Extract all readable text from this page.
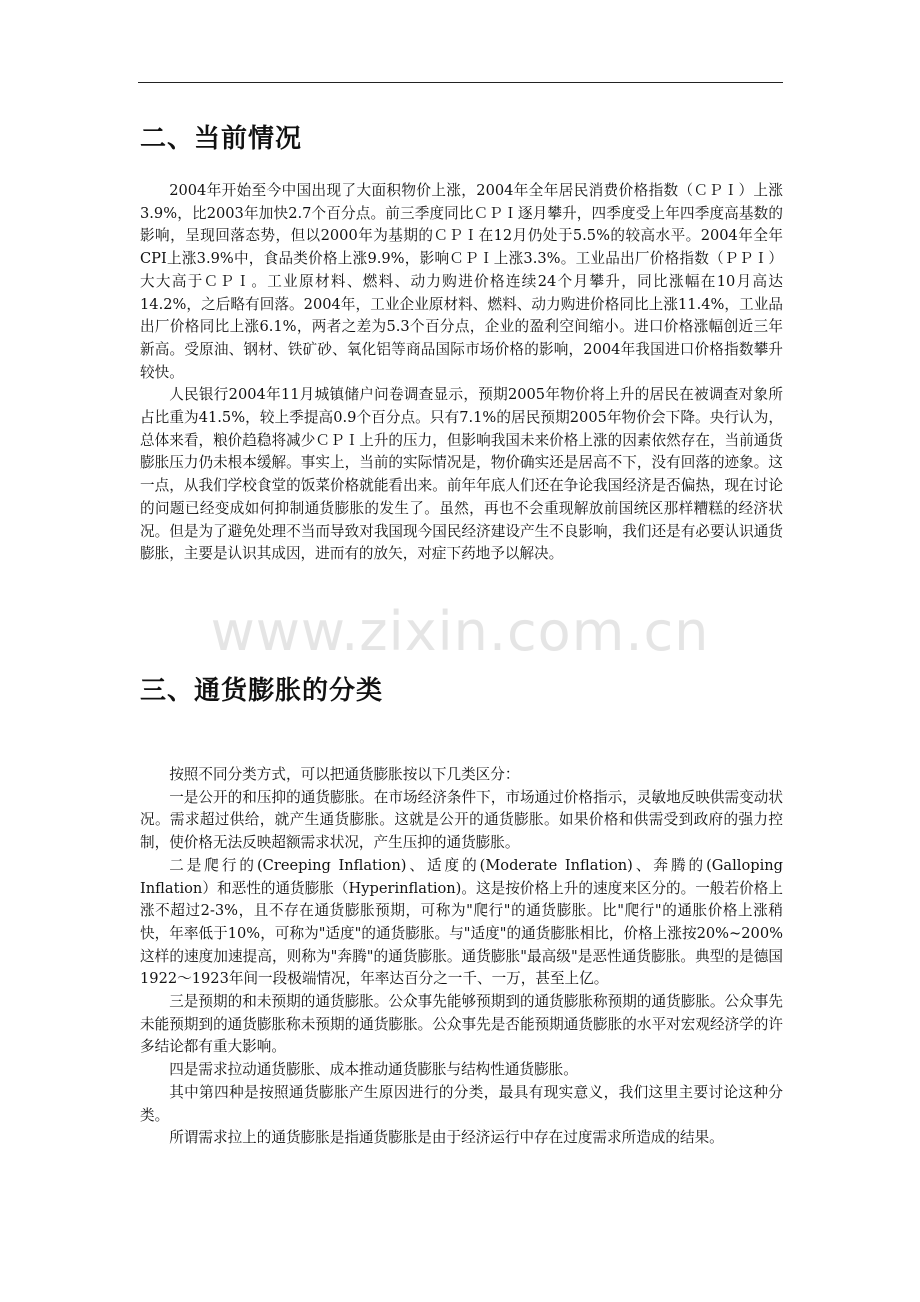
二、当前情况

2004年开始至今中国出现了大面积物价上涨，2004年全年居民消费价格指数（ＣＰＩ）上涨3.9%，比2003年加快2.7个百分点。前三季度同比ＣＰＩ逐月攀升，四季度受上年四季度高基数的影响，呈现回落态势，但以2000年为基期的ＣＰＩ在12月仍处于5.5%的较高水平。2004年全年CPI上涨3.9%中，食品类价格上涨9.9%，影响ＣＰＩ上涨3.3%。工业品出厂价格指数（ＰＰＩ）大大高于ＣＰＩ。工业原材料、燃料、动力购进价格连续24个月攀升，同比涨幅在10月高达14.2%，之后略有回落。2004年，工业企业原材料、燃料、动力购进价格同比上涨11.4%，工业品出厂价格同比上涨6.1%，两者之差为5.3个百分点，企业的盈利空间缩小。进口价格涨幅创近三年新高。受原油、钢材、铁矿砂、氧化铝等商品国际市场价格的影响，2004年我国进口价格指数攀升较快。

人民银行2004年11月城镇储户问卷调查显示，预期2005年物价将上升的居民在被调查对象所占比重为41.5%，较上季提高0.9个百分点。只有7.1%的居民预期2005年物价会下降。央行认为，总体来看，粮价趋稳将减少ＣＰＩ上升的压力，但影响我国未来价格上涨的因素依然存在，当前通货膨胀压力仍未根本缓解。事实上，当前的实际情况是，物价确实还是居高不下，没有回落的迹象。这一点，从我们学校食堂的饭菜价格就能看出来。前年年底人们还在争论我国经济是否偏热，现在讨论的问题已经变成如何抑制通货膨胀的发生了。虽然，再也不会重现解放前国统区那样糟糕的经济状况。但是为了避免处理不当而导致对我国现今国民经济建设产生不良影响，我们还是有必要认识通货膨胀，主要是认识其成因，进而有的放矢，对症下药地予以解决。

三、通货膨胀的分类

按照不同分类方式，可以把通货膨胀按以下几类区分：

一是公开的和压抑的通货膨胀。在市场经济条件下，市场通过价格指示，灵敏地反映供需变动状况。需求超过供给，就产生通货膨胀。这就是公开的通货膨胀。如果价格和供需受到政府的强力控制，使价格无法反映超额需求状况，产生压抑的通货膨胀。

二是爬行的(Creeping Inflation)、适度的(Moderate Inflation)、奔腾的(Galloping Inflation）和恶性的通货膨胀（Hyperinflation)。这是按价格上升的速度来区分的。一般若价格上涨不超过2-3%，且不存在通货膨胀预期，可称为"爬行"的通货膨胀。比"爬行"的通胀价格上涨稍快，年率低于10%，可称为"适度"的通货膨胀。与"适度"的通货膨胀相比，价格上涨按20%~200%这样的速度加速提高，则称为"奔腾"的通货膨胀。通货膨胀"最高级"是恶性通货膨胀。典型的是德国1922～1923年间一段极端情况，年率达百分之一千、一万，甚至上亿。

三是预期的和未预期的通货膨胀。公众事先能够预期到的通货膨胀称预期的通货膨胀。公众事先未能预期到的通货膨胀称未预期的通货膨胀。公众事先是否能预期通货膨胀的水平对宏观经济学的许多结论都有重大影响。

四是需求拉动通货膨胀、成本推动通货膨胀与结构性通货膨胀。

其中第四种是按照通货膨胀产生原因进行的分类，最具有现实意义，我们这里主要讨论这种分类。

所谓需求拉上的通货膨胀是指通货膨胀是由于经济运行中存在过度需求所造成的结果。

www.zixin.com.cn
